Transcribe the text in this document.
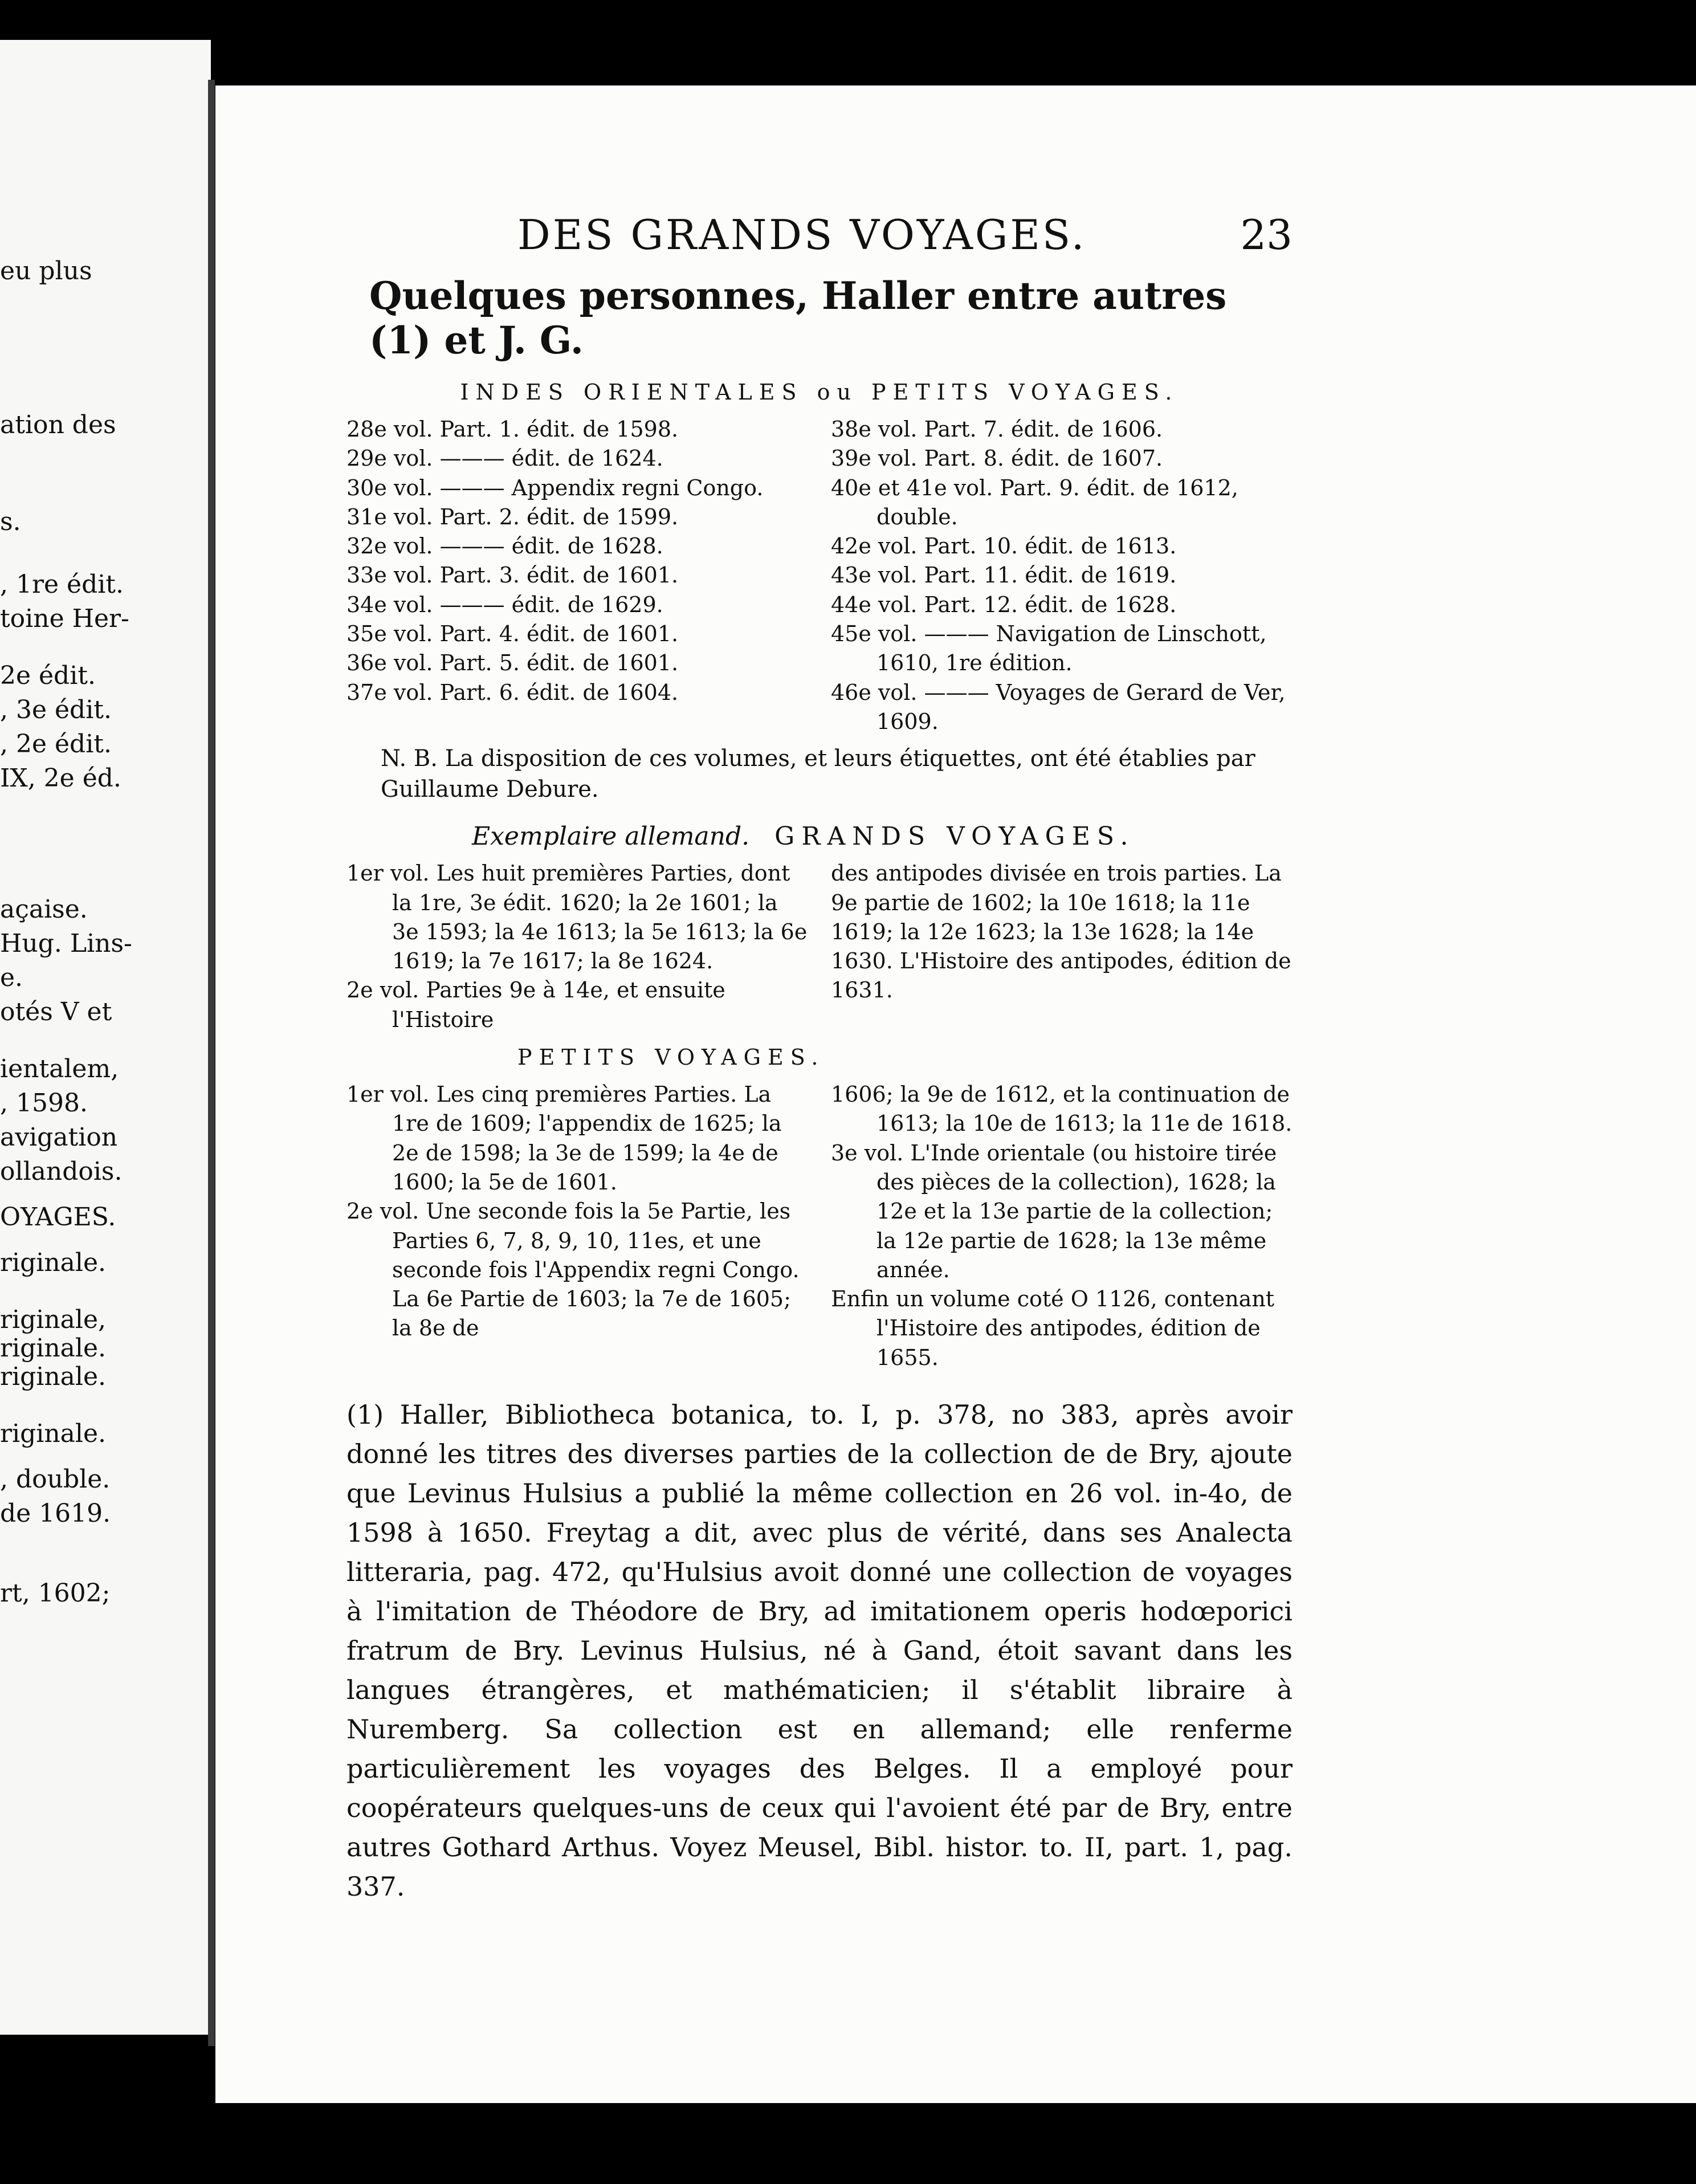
eu plus
ation des
s.
, 1re édit.
toine Her-
2e édit.
, 3e édit.
, 2e édit.
IX, 2e éd.
açaise.
Hug. Lins-
e.
otés V et
ientalem,
, 1598.
avigation
ollandois.
OYAGES.
riginale.
riginale,
riginale.
riginale.
riginale.
, double.
de 1619.
rt, 1602;
DES GRANDS VOYAGES.	23
Quelques personnes, Haller entre autres (1) et J. G.
INDES ORIENTALES ou PETITS VOYAGES.

28e vol. Part. 1. édit. de 1598.

29e vol. ——— édit. de 1624.

30e vol. ——— Appendix regni Congo.

31e vol. Part. 2. édit. de 1599.

32e vol. ——— édit. de 1628.

33e vol. Part. 3. édit. de 1601.

34e vol. ——— édit. de 1629.

35e vol. Part. 4. édit. de 1601.

36e vol. Part. 5. édit. de 1601.

37e vol. Part. 6. édit. de 1604.

38e vol. Part. 7. édit. de 1606.

39e vol. Part. 8. édit. de 1607.

40e et 41e vol. Part. 9. édit. de 1612, double.

42e vol. Part. 10. édit. de 1613.

43e vol. Part. 11. édit. de 1619.

44e vol. Part. 12. édit. de 1628.

45e vol. ——— Navigation de Linschott, 1610, 1re édition.

46e vol. ——— Voyages de Gerard de Ver, 1609.

N. B. La disposition de ces volumes, et leurs étiquettes, ont été établies par Guillaume Debure.
Exemplaire allemand. GRANDS VOYAGES.

1er vol. Les huit premières Parties, dont la 1re, 3e édit. 1620; la 2e 1601; la 3e 1593; la 4e 1613; la 5e 1613; la 6e 1619; la 7e 1617; la 8e 1624.

2e vol. Parties 9e à 14e, et ensuite l'Histoire

des antipodes divisée en trois parties. La 9e partie de 1602; la 10e 1618; la 11e 1619; la 12e 1623; la 13e 1628; la 14e 1630. L'Histoire des antipodes, édition de 1631.

PETITS VOYAGES.

1er vol. Les cinq premières Parties. La 1re de 1609; l'appendix de 1625; la 2e de 1598; la 3e de 1599; la 4e de 1600; la 5e de 1601.

2e vol. Une seconde fois la 5e Partie, les Parties 6, 7, 8, 9, 10, 11es, et une seconde fois l'Appendix regni Congo. La 6e Partie de 1603; la 7e de 1605; la 8e de

1606; la 9e de 1612, et la continuation de 1613; la 10e de 1613; la 11e de 1618.

3e vol. L'Inde orientale (ou histoire tirée des pièces de la collection), 1628; la 12e et la 13e partie de la collection; la 12e partie de 1628; la 13e même année.

Enfin un volume coté O 1126, contenant l'Histoire des antipodes, édition de 1655.

(1) Haller, Bibliotheca botanica, to. I, p. 378, no 383, après avoir donné les titres des diverses parties de la collection de de Bry, ajoute que Levinus Hulsius a publié la même collection en 26 vol. in-4o, de 1598 à 1650. Freytag a dit, avec plus de vérité, dans ses Analecta litteraria, pag. 472, qu'Hulsius avoit donné une collection de voyages à l'imitation de Théodore de Bry, ad imitationem operis hodœporici fratrum de Bry. Levinus Hulsius, né à Gand, étoit savant dans les langues étrangères, et mathématicien; il s'établit libraire à Nuremberg. Sa collection est en allemand; elle renferme particulièrement les voyages des Belges. Il a employé pour coopérateurs quelques-uns de ceux qui l'avoient été par de Bry, entre autres Gothard Arthus. Voyez Meusel, Bibl. histor. to. II, part. 1, pag. 337.
